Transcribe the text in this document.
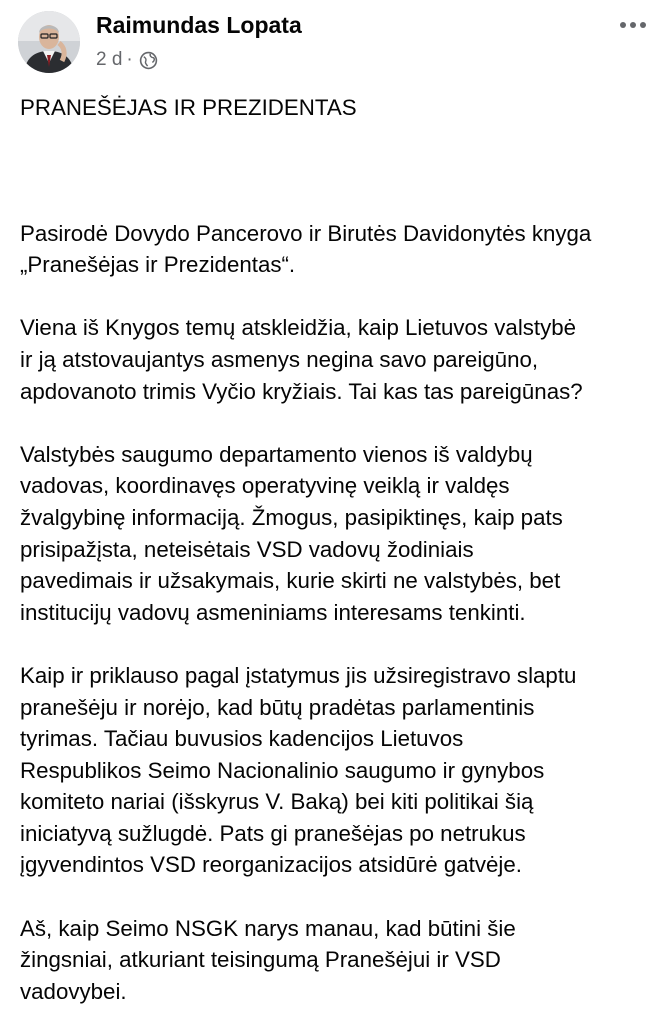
Raimundas Lopata
2 d ·

PRANEŠĖJAS IR PREZIDENTAS

Pasirodė Dovydo Pancerovo ir Birutės Davidonytės knyga

„Pranešėjas ir Prezidentas“.

Viena iš Knygos temų atskleidžia, kaip Lietuvos valstybė

ir ją atstovaujantys asmenys negina savo pareigūno,

apdovanoto trimis Vyčio kryžiais. Tai kas tas pareigūnas?

Valstybės saugumo departamento vienos iš valdybų

vadovas, koordinavęs operatyvinę veiklą ir valdęs

žvalgybinę informaciją. Žmogus, pasipiktinęs, kaip pats

prisipažįsta, neteisėtais VSD vadovų žodiniais

pavedimais ir užsakymais, kurie skirti ne valstybės, bet

institucijų vadovų asmeniniams interesams tenkinti.

Kaip ir priklauso pagal įstatymus jis užsiregistravo slaptu

pranešėju ir norėjo, kad būtų pradėtas parlamentinis

tyrimas. Tačiau buvusios kadencijos Lietuvos

Respublikos Seimo Nacionalinio saugumo ir gynybos

komiteto nariai (išskyrus V. Baką) bei kiti politikai šią

iniciatyvą sužlugdė. Pats gi pranešėjas po netrukus

įgyvendintos VSD reorganizacijos atsidūrė gatvėje.

Aš, kaip Seimo NSGK narys manau, kad būtini šie

žingsniai, atkuriant teisingumą Pranešėjui ir VSD

vadovybei.
